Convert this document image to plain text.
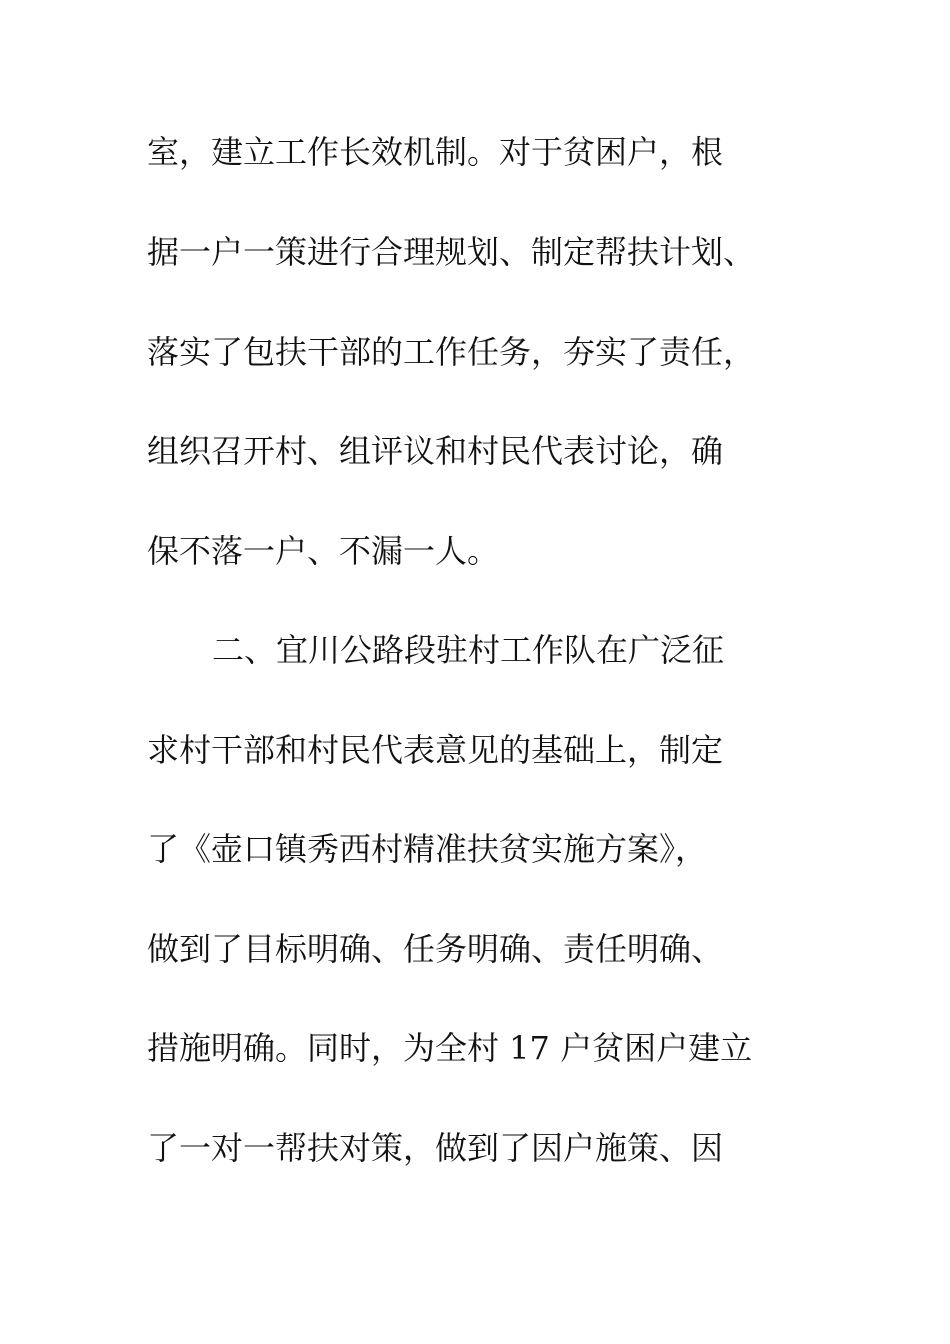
室，建立工作长效机制。对于贫困户，根
据一户一策进行合理规划、制定帮扶计划、
落实了包扶干部的工作任务，夯实了责任，
组织召开村、组评议和村民代表讨论，确
保不落一户、不漏一人。
二、宜川公路段驻村工作队在广泛征
求村干部和村民代表意见的基础上，制定
了《壶口镇秀西村精准扶贫实施方案》，
做到了目标明确、任务明确、责任明确、
措施明确。同时，为全村 17 户贫困户建立
了一对一帮扶对策，做到了因户施策、因
